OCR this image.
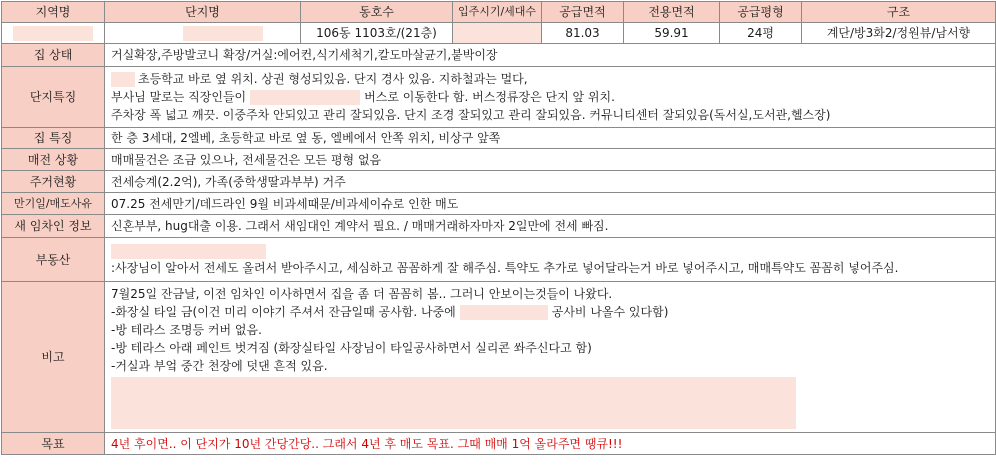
지역명	단지명	동호수	입주시기/세대수	공급면적	전용면적	공급평형	구조
		106동 1103호/(21층)		81.03	59.91	24평	계단/방3화2/정원뷰/남서향
집 상태	거실확장,주방발코니 확장/거실:에어컨,식기세척기,칼도마살균기,붙박이장						
단지특징	초등학교 바로 옆 위치. 상권 형성되있음. 단지 경사 있음. 지하철과는 멀다,
부사님 말로는 직장인들이 버스로 이동한다 함. 버스정류장은 단지 앞 위치.
주차장 폭 넓고 깨끗. 이중주차 안되있고 관리 잘되있음. 단지 조경 잘되있고 관리 잘되있음. 커뮤니티센터 잘되있음(독서실,도서관,헬스장)						

집 특징	한 층 3세대, 2엘베, 초등학교 바로 옆 동, 엘베에서 안쪽 위치, 비상구 앞쪽						
매전 상황	매매물건은 조금 있으나, 전세물건은 모든 평형 없음						
주거현황	전세승계(2.2억), 가족(중학생딸과부부) 거주						
만기일/매도사유	07.25 전세만기/데드라인 9월 비과세때문/비과세이슈로 인한 매도						
새 임차인 정보	신혼부부, hug대출 이용. 그래서 새임대인 계약서 필요. / 매매거래하자마자 2일만에 전세 빠짐.						
부동산	:사장님이 알아서 전세도 올려서 받아주시고, 세심하고 꼼꼼하게 잘 해주심. 특약도 추가로 넣어달라는거 바로 넣어주시고, 매매특약도 꼼꼼히 넣어주심.						

비고	7월25일 잔금날, 이전 임차인 이사하면서 집을 좀 더 꼼꼼히 봄.. 그러니 안보이는것들이 나왔다.
-화장실 타일 금(이건 미리 이야기 주셔서 잔금일때 공사함. 나중에 공사비 나올수 있다함)
-방 테라스 조명등 커버 없음.
-방 테라스 아래 페인트 벗겨짐 (화장실타일 사장님이 타일공사하면서 실리콘 쏴주신다고 함)
-거실과 부엌 중간 천장에 덧댄 흔적 있음.						

목표	4년 후이면.. 이 단지가 10년 간당간당.. 그래서 4년 후 매도 목표. 그때 매매 1억 올라주면 땡큐!!!						
